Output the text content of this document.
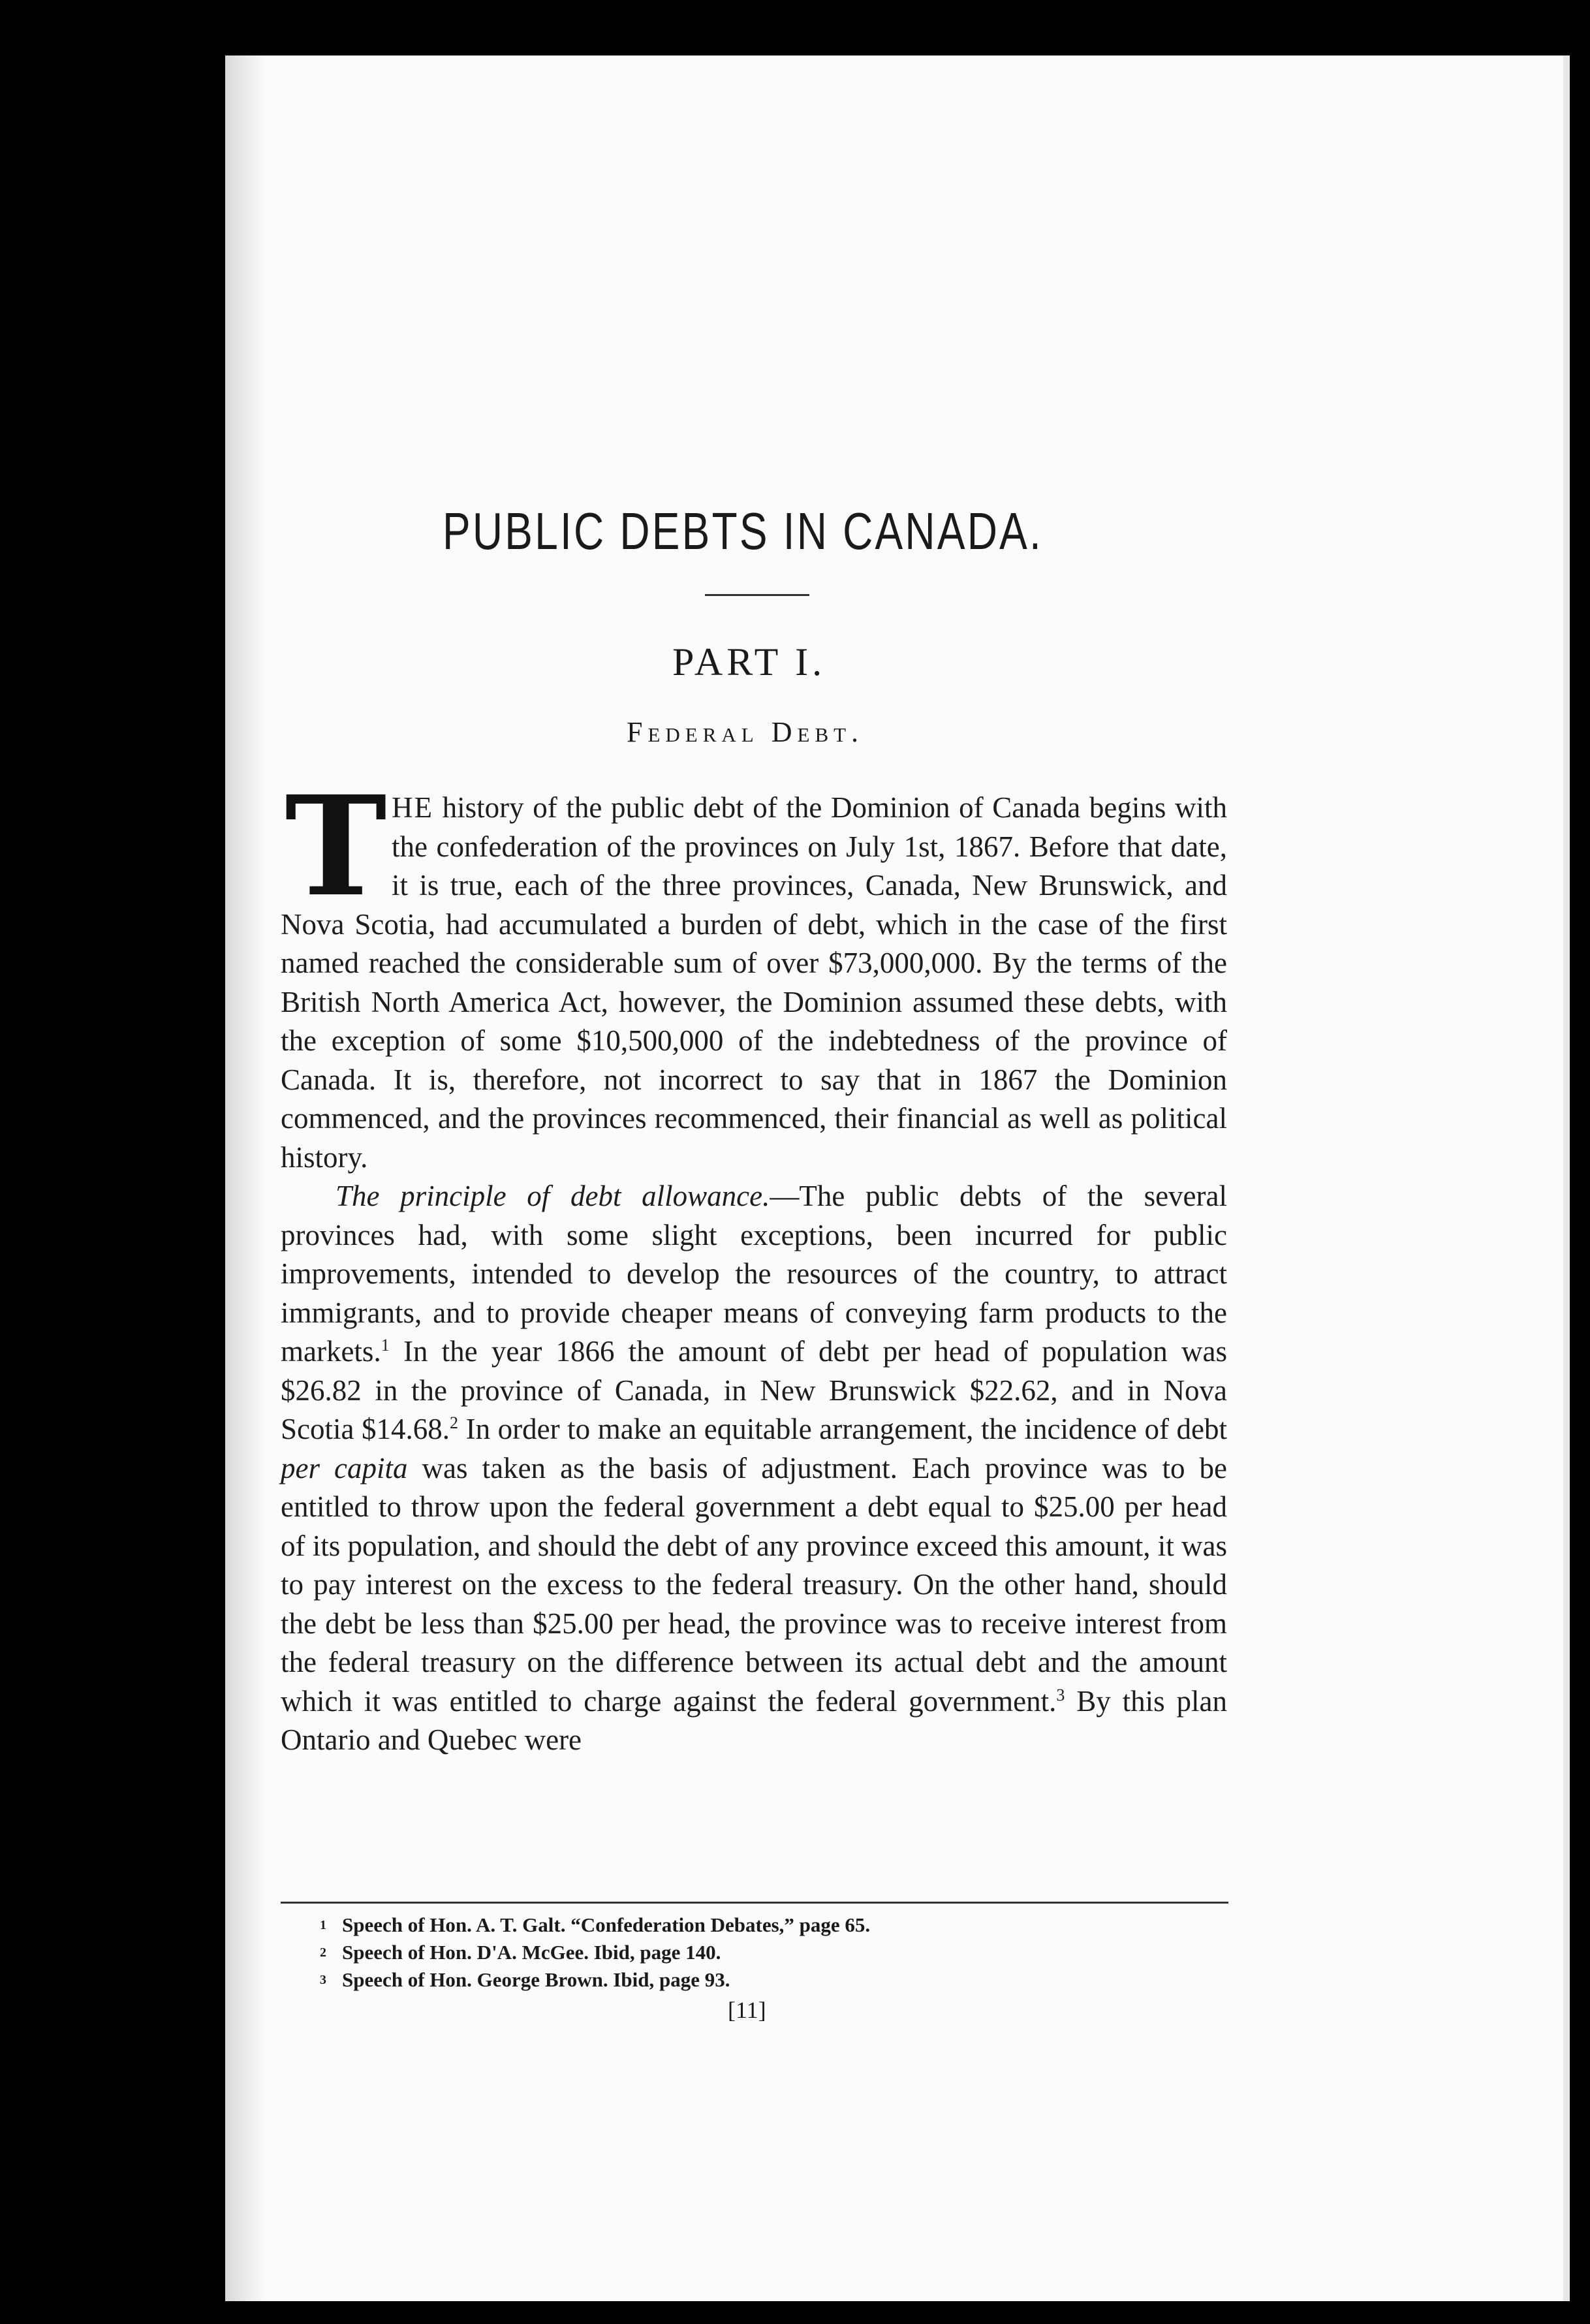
PUBLIC DEBTS IN CANADA.
PART I.
Federal Debt.
T HE history of the public debt of the Dominion of Canada begins with the confederation of the provinces on July 1st, 1867. Before that date, it is true, each of the three provinces, Canada, New Brunswick, and Nova Scotia, had accumulated a burden of debt, which in the case of the first named reached the considerable sum of over $73,000,000. By the terms of the British North America Act, however, the Dominion assumed these debts, with the exception of some $10,500,000 of the indebtedness of the province of Canada. It is, therefore, not incorrect to say that in 1867 the Dominion commenced, and the provinces recommenced, their financial as well as political history.

The principle of debt allowance.—The public debts of the several provinces had, with some slight exceptions, been incurred for public improvements, intended to develop the resources of the country, to attract immigrants, and to provide cheaper means of conveying farm products to the markets.$^1$ In the year 1866 the amount of debt per head of population was $26.82 in the province of Canada, in New Brunswick $22.62, and in Nova Scotia $14.68.$^2$ In order to make an equitable arrangement, the incidence of debt per capita was taken as the basis of adjustment. Each province was to be entitled to throw upon the federal government a debt equal to $25.00 per head of its population, and should the debt of any province exceed this amount, it was to pay interest on the excess to the federal treasury. On the other hand, should the debt be less than $25.00 per head, the province was to receive interest from the federal treasury on the difference between its actual debt and the amount which it was entitled to charge against the federal government.$^3$ By this plan Ontario and Quebec were

1 Speech of Hon. A. T. Galt. “Confederation Debates,” page 65.
2 Speech of Hon. D'A. McGee. Ibid, page 140.
3 Speech of Hon. George Brown. Ibid, page 93.
[11]
